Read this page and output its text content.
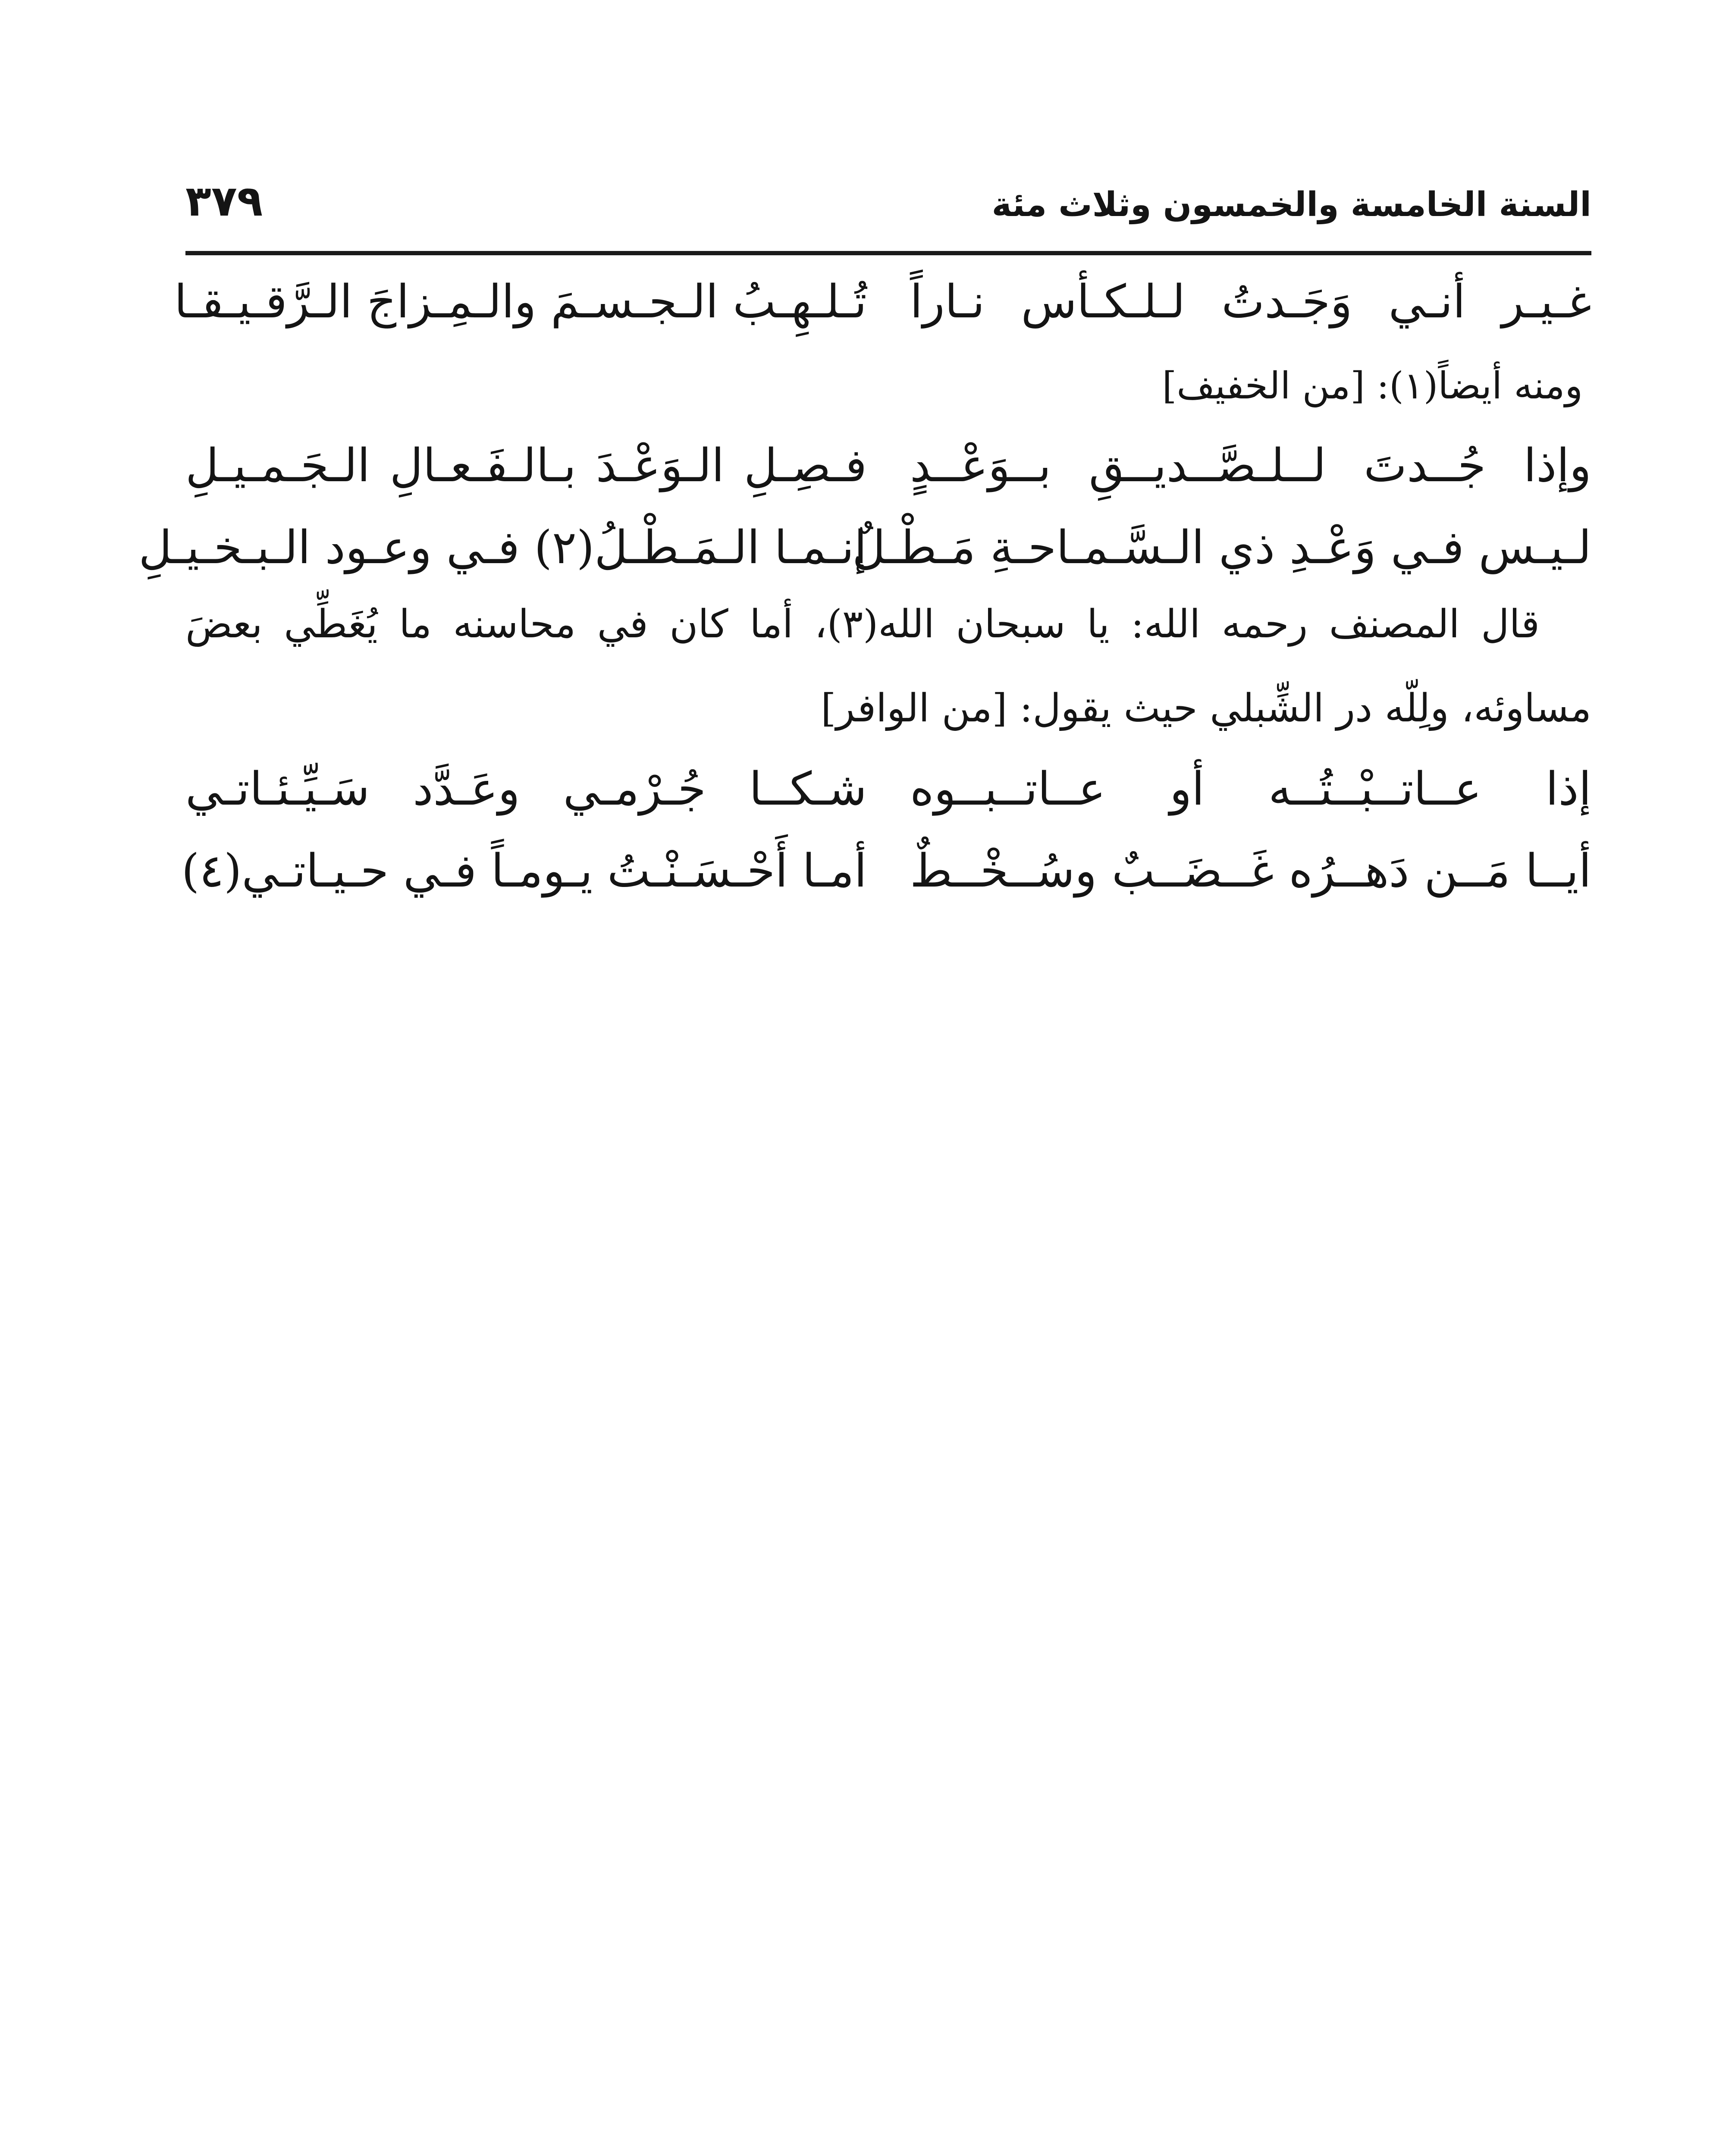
السنة الخامسة والخمسون وثلاث مئة
٣٧٩
غـيـر أنـي وَجَـدتُ لـلـكـأس نـاراً
تُـلـهِـبُ الـجـسـمَ والـمِـزاجَ الـرَّقـيـقـا
ومنه أيضاً(١): [من الخفيف]
وإذا جُــدتَ لــلـصَّــديــقِ بــوَعْــدٍ
فـصِـلِ الـوَعْـدَ بـالـفَـعـالِ الـجَـمـيـلِ
لـيـس فـي وَعْـدِ ذي الـسَّـمـاحـةِ مَـطْـلٌ
إنـمـا الـمَـطْـلُ(٢) فـي وعـود الـبـخـيـلِ
قال المصنف رحمه الله: يا سبحان الله(٣)، أما كان في محاسنه ما يُغَطِّي بعضَ مساوئه، ولِلّه در الشِّبلي حيث يقول: [من الوافر]
إذا عــاتــبْــتُــه أو عــاتــبــوه
شـكــا جُـرْمـي وعَـدَّد سَـيِّـئـاتـي
أيــا مَــن دَهــرُه غَــضَــبٌ وسُــخْــطٌ
أمـا أَحْـسَـنْـتُ يـومـاً فـي حـيـاتـي(٤)
